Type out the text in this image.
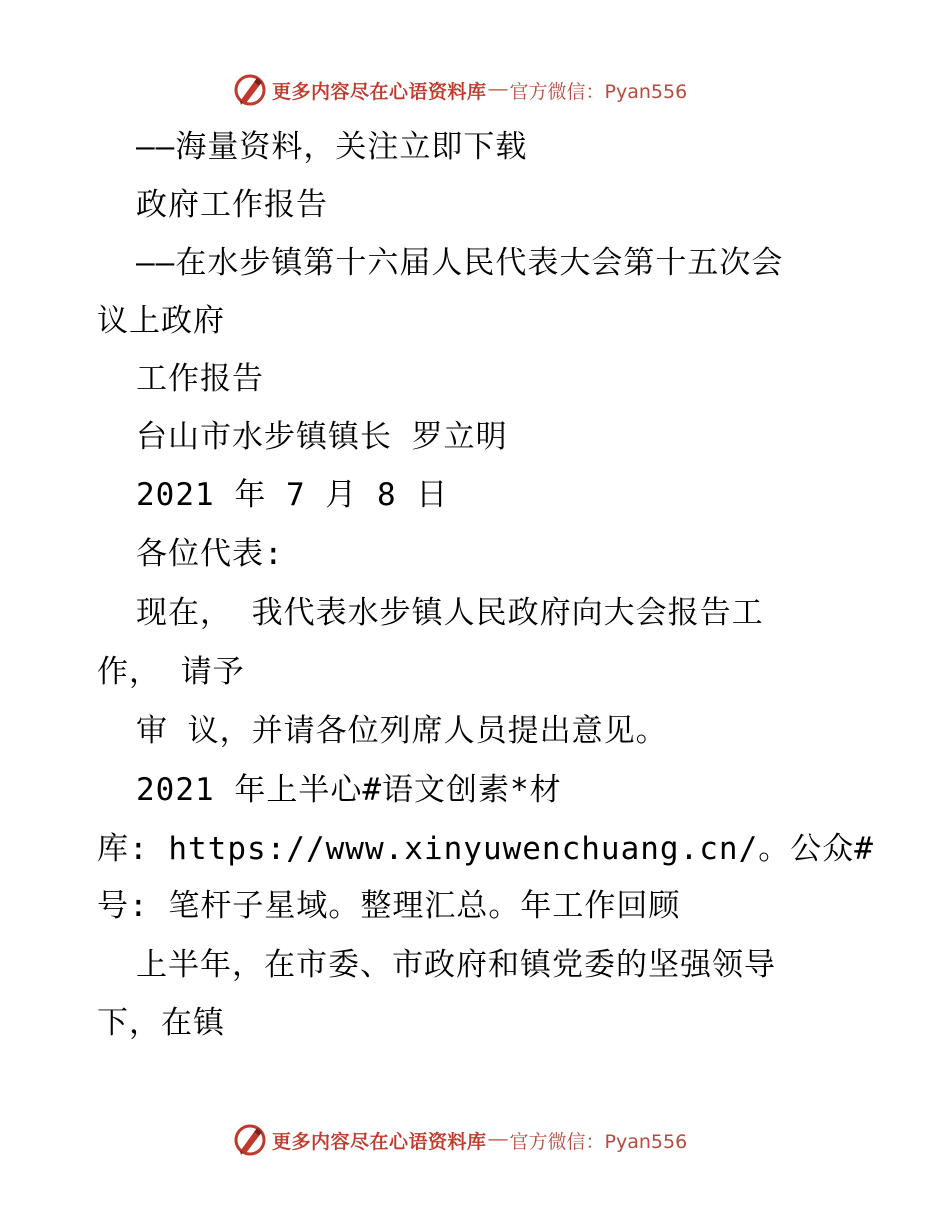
更多内容尽在心语资料库 — 官方微信：Pyan556
——海量资料，关注立即下载
政府工作报告
——在水步镇第十六届人民代表大会第十五次会
议上政府
工作报告
台山市水步镇镇长 罗立明
2021 年 7 月 8 日
各位代表:
现在， 我代表水步镇人民政府向大会报告工
作， 请予
审 议，并请各位列席人员提出意见。
2021 年上半心#语文创素*材
库: https://www.xinyuwenchuang.cn/。公众#
号: 笔杆子星域。整理汇总。年工作回顾
上半年，在市委、市政府和镇党委的坚强领导
下，在镇
更多内容尽在心语资料库 — 官方微信：Pyan556
